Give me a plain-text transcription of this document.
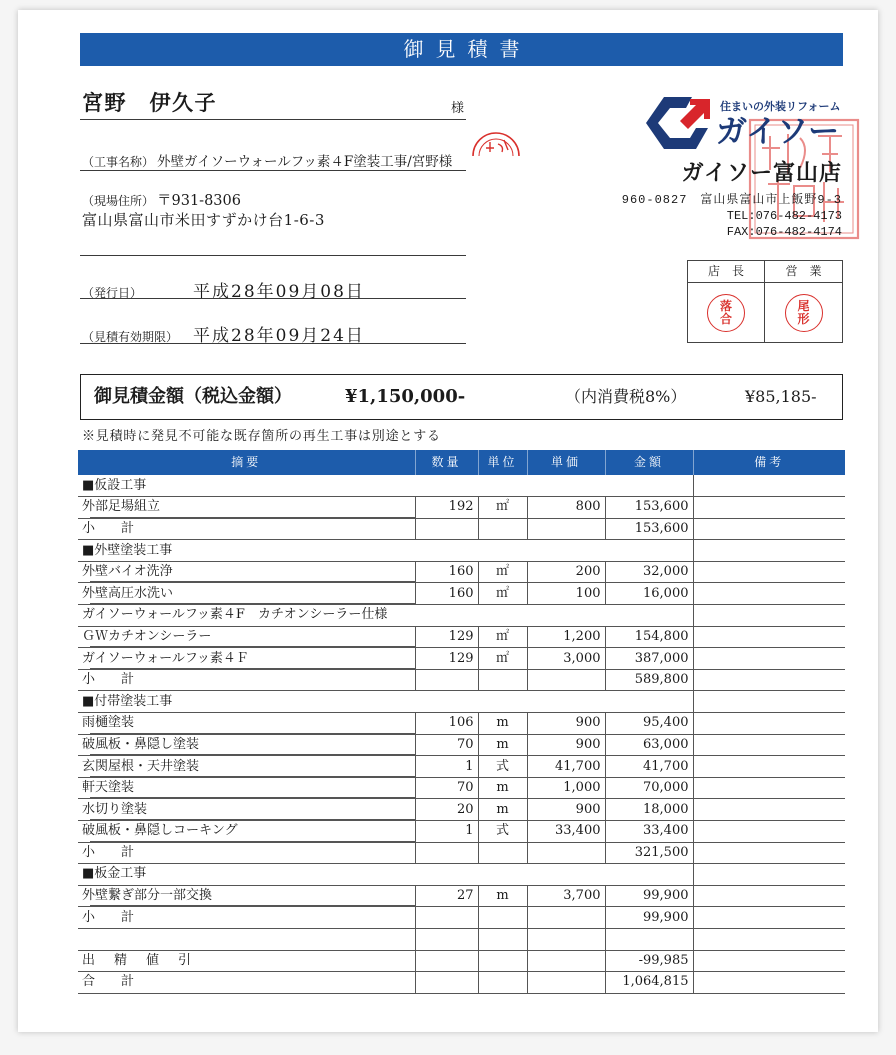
御見積書
宮野　伊久子	様
（工事名称） 外壁ガイソーウォールフッ素４F塗装工事/宮野様
（現場住所） 〒931-8306
富山県富山市米田すずかけ台1-6-3
（発行日）	平成28年09月08日
（見積有効期限） 平成28年09月24日
住まいの外装リフォーム
ガイソー
ガイソー富山店
960-0827　富山県富山市上飯野9-3
TEL:076-482-4173
FAX:076-482-4174
店　長	営　業
落合
尾形
御見積金額（税込金額）	¥1,150,000-	（内消費税8%）	¥85,185-
※見積時に発見不可能な既存箇所の再生工事は別途とする
摘要	数量	単位	単価	金額	備考
■仮設工事					
外部足場組立	192	㎡	800	153,600	
小　　計				153,600	
■外壁塗装工事					
外壁バイオ洗浄	160	㎡	200	32,000	
外壁高圧水洗い	160	㎡	100	16,000	
ガイソーウォールフッ素４F　カチオンシーラー仕様					
ＧＷカチオンシーラー	129	㎡	1,200	154,800	
ガイソーウォールフッ素４Ｆ	129	㎡	3,000	387,000	
小　　計				589,800	
■付帯塗装工事					
雨樋塗装	106	m	900	95,400	
破風板・鼻隠し塗装	70	m	900	63,000	
玄関屋根・天井塗装	1	式	41,700	41,700	
軒天塗装	70	m	1,000	70,000	
水切り塗装	20	m	900	18,000	
破風板・鼻隠しコーキング	1	式	33,400	33,400	
小　　計				321,500	
■板金工事					
外壁繋ぎ部分一部交換	27	m	3,700	99,900	
小　　計				99,900	

出　精　値　引				-99,985	
合　　計				1,064,815	
